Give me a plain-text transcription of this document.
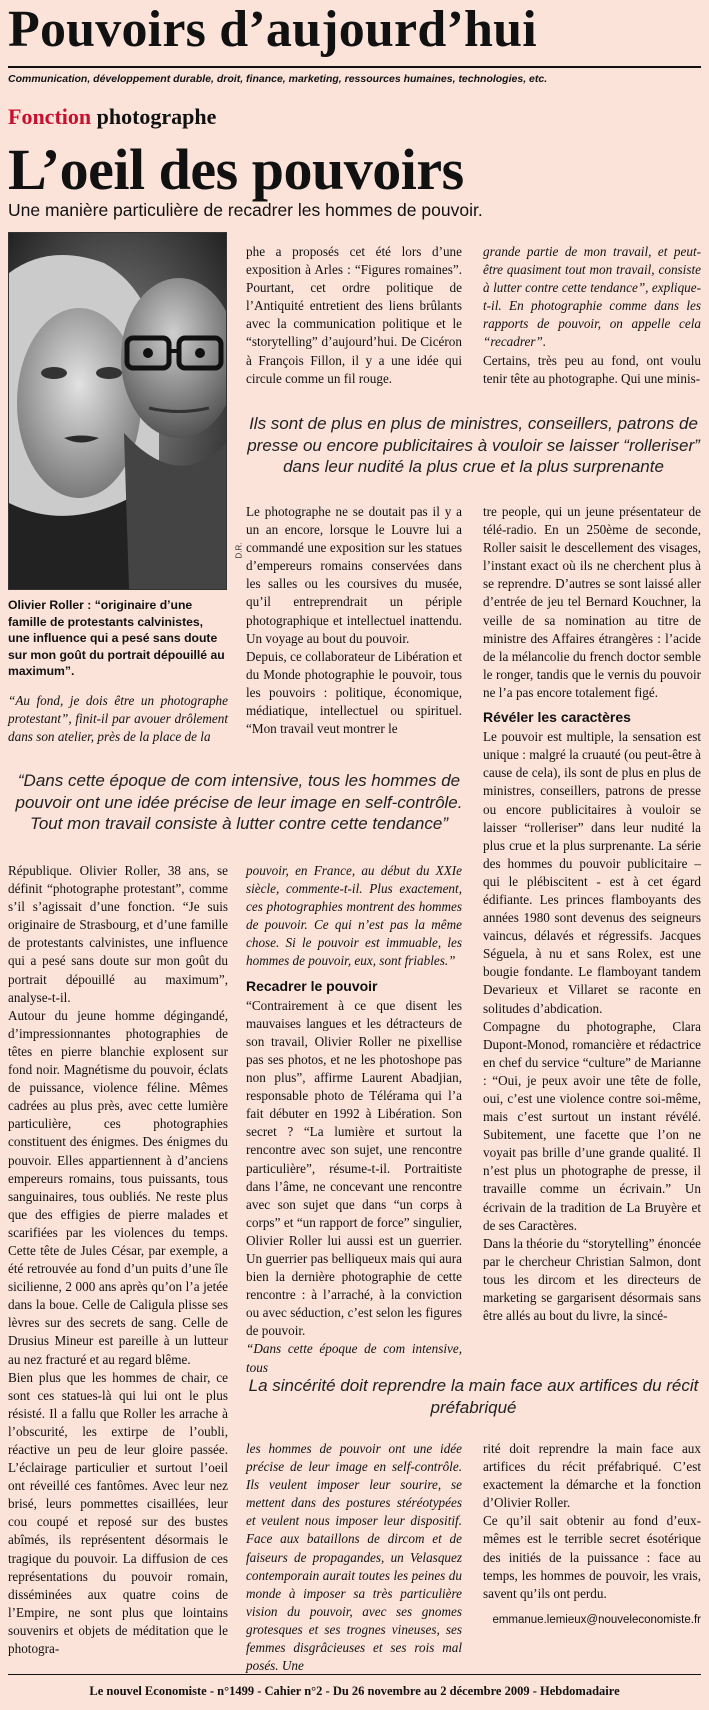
Pouvoirs d’aujourd’hui
Communication, développement durable, droit, finance, marketing, ressources humaines, technologies, etc.
Fonction photographe
L’oeil des pouvoirs
Une manière particulière de recadrer les hommes de pouvoir.
D.R.
Olivier Roller : “originaire d’une famille de protestants calvinistes, une influence qui a pesé sans doute sur mon goût du portrait dépouillé au maximum”.

“Au fond, je dois être un photographe protestant”, finit-il par avouer drôlement dans son atelier, près de la place de la

phe a proposés cet été lors d’une exposition à Arles : “Figures romaines”. Pourtant, cet ordre politique de l’Antiquité entretient des liens brûlants avec la communication politique et le “storytelling” d’aujourd’hui. De Cicéron à François Fillon, il y a une idée qui circule comme un fil rouge.

grande partie de mon travail, et peut-être quasiment tout mon travail, consiste à lutter contre cette tendance”, explique-t-il. En photographie comme dans les rapports de pouvoir, on appelle cela “recadrer”.

Certains, très peu au fond, ont voulu tenir tête au photographe. Qui une minis-

Ils sont de plus en plus de ministres, conseillers, patrons de presse ou encore publicitaires à vouloir se laisser “rolleriser” dans leur nudité la plus crue et la plus surprenante

Le photographe ne se doutait pas il y a un an encore, lorsque le Louvre lui a commandé une exposition sur les statues d’empereurs romains conservées dans les salles ou les coursives du musée, qu’il entreprendrait un périple photographique et intellectuel inattendu. Un voyage au bout du pouvoir.

Depuis, ce collaborateur de Libération et du Monde photographie le pouvoir, tous les pouvoirs : politique, économique, médiatique, intellectuel ou spirituel. “Mon travail veut montrer le

tre people, qui un jeune présentateur de télé-radio. En un 250ème de seconde, Roller saisit le descellement des visages, l’instant exact où ils ne cherchent plus à se reprendre. D’autres se sont laissé aller d’entrée de jeu tel Bernard Kouchner, la veille de sa nomination au titre de ministre des Affaires étrangères : l’acide de la mélancolie du french doctor semble le ronger, tandis que le vernis du pouvoir ne l’a pas encore totalement figé.

Révéler les caractères

Le pouvoir est multiple, la sensation est unique : malgré la cruauté (ou peut-être à cause de cela), ils sont de plus en plus de ministres, conseillers, patrons de presse ou encore publicitaires à vouloir se laisser “rolleriser” dans leur nudité la plus crue et la plus surprenante. La série des hommes du pouvoir publicitaire – qui le plébiscitent - est à cet égard édifiante. Les princes flamboyants des années 1980 sont devenus des seigneurs vaincus, délavés et régressifs. Jacques Séguela, à nu et sans Rolex, est une bougie fondante. Le flamboyant tandem Devarieux et Villaret se raconte en solitudes d’abdication.

Compagne du photographe, Clara Dupont-Monod, romancière et rédactrice en chef du service “culture” de Marianne : “Oui, je peux avoir une tête de folle, oui, c’est une violence contre soi-même, mais c’est surtout un instant révélé. Subitement, une facette que l’on ne voyait pas brille d’une grande qualité. Il n’est plus un photographe de presse, il travaille comme un écrivain.” Un écrivain de la tradition de La Bruyère et de ses Caractères.

Dans la théorie du “storytelling” énoncée par le chercheur Christian Salmon, dont tous les dircom et les directeurs de marketing se gargarisent désormais sans être allés au bout du livre, la sincé-

“Dans cette époque de com intensive, tous les hommes de pouvoir ont une idée précise de leur image en self-contrôle. Tout mon travail consiste à lutter contre cette tendance”

République. Olivier Roller, 38 ans, se définit “photographe protestant”, comme s’il s’agissait d’une fonction. “Je suis originaire de Strasbourg, et d’une famille de protestants calvinistes, une influence qui a pesé sans doute sur mon goût du portrait dépouillé au maximum”, analyse-t-il.

Autour du jeune homme dégingandé, d’impressionnantes photographies de têtes en pierre blanchie explosent sur fond noir. Magnétisme du pouvoir, éclats de puissance, violence féline. Mêmes cadrées au plus près, avec cette lumière particulière, ces photographies constituent des énigmes. Des énigmes du pouvoir. Elles appartiennent à d’anciens empereurs romains, tous puissants, tous sanguinaires, tous oubliés. Ne reste plus que des effigies de pierre malades et scarifiées par les violences du temps. Cette tête de Jules César, par exemple, a été retrouvée au fond d’un puits d’une île sicilienne, 2 000 ans après qu’on l’a jetée dans la boue. Celle de Caligula plisse ses lèvres sur des secrets de sang. Celle de Drusius Mineur est pareille à un lutteur au nez fracturé et au regard blême.

Bien plus que les hommes de chair, ce sont ces statues-là qui lui ont le plus résisté. Il a fallu que Roller les arrache à l’obscurité, les extirpe de l’oubli, réactive un peu de leur gloire passée. L’éclairage particulier et surtout l’oeil ont réveillé ces fantômes. Avec leur nez brisé, leurs pommettes cisaillées, leur cou coupé et reposé sur des bustes abîmés, ils représentent désormais le tragique du pouvoir. La diffusion de ces représentations du pouvoir romain, disséminées aux quatre coins de l’Empire, ne sont plus que lointains souvenirs et objets de méditation que le photogra-

pouvoir, en France, au début du XXIe siècle, commente-t-il. Plus exactement, ces photographies montrent des hommes de pouvoir. Ce qui n’est pas la même chose. Si le pouvoir est immuable, les hommes de pouvoir, eux, sont friables.”

Recadrer le pouvoir

“Contrairement à ce que disent les mauvaises langues et les détracteurs de son travail, Olivier Roller ne pixellise pas ses photos, et ne les photoshope pas non plus”, affirme Laurent Abadjian, responsable photo de Télérama qui l’a fait débuter en 1992 à Libération. Son secret ? “La lumière et surtout la rencontre avec son sujet, une rencontre particulière”, résume-t-il. Portraitiste dans l’âme, ne concevant une rencontre avec son sujet que dans “un corps à corps” et “un rapport de force” singulier, Olivier Roller lui aussi est un guerrier. Un guerrier pas belliqueux mais qui aura bien la dernière photographie de cette rencontre : à l’arraché, à la conviction ou avec séduction, c’est selon les figures de pouvoir.

“Dans cette époque de com intensive, tous

La sincérité doit reprendre la main face aux artifices du récit préfabriqué

les hommes de pouvoir ont une idée précise de leur image en self-contrôle. Ils veulent imposer leur sourire, se mettent dans des postures stéréotypées et veulent nous imposer leur dispositif. Face aux bataillons de dircom et de faiseurs de propagandes, un Velasquez contemporain aurait toutes les peines du monde à imposer sa très particulière vision du pouvoir, avec ses gnomes grotesques et ses trognes vineuses, ses femmes disgrâcieuses et ses rois mal posés. Une

rité doit reprendre la main face aux artifices du récit préfabriqué. C’est exactement la démarche et la fonction d’Olivier Roller.

Ce qu’il sait obtenir au fond d’eux-mêmes est le terrible secret ésotérique des initiés de la puissance : face au temps, les hommes de pouvoir, les vrais, savent qu’ils ont perdu.

emmanue.lemieux@nouveleconomiste.fr
Le nouvel Economiste - n°1499 - Cahier n°2 - Du 26 novembre au 2 décembre 2009 - Hebdomadaire
